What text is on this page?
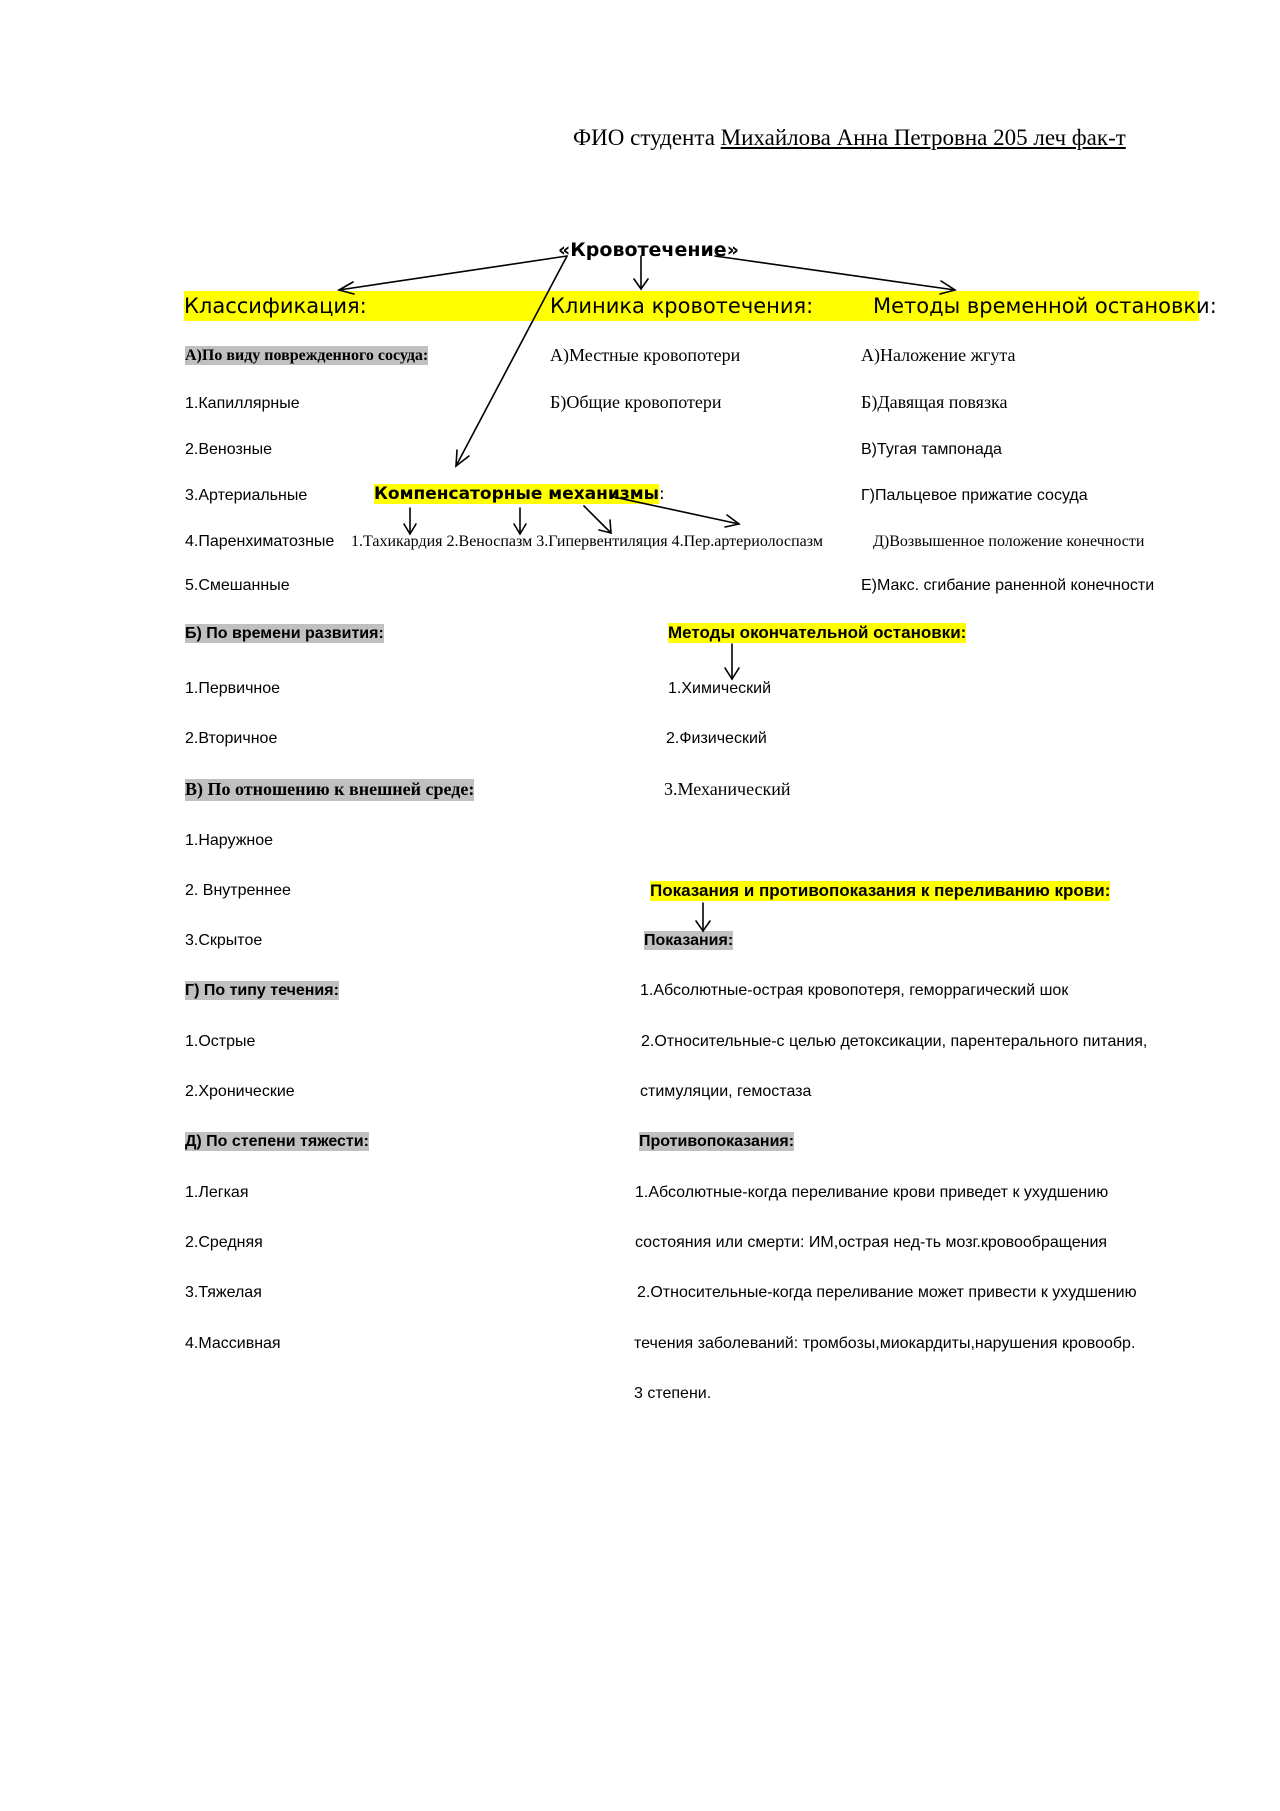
ФИО студента Михайлова Анна Петровна 205 леч фак-т
«Кровотечение»
Классификация:	Клиника кровотечения:	Методы временной остановки:
А)По виду поврежденного сосуда:
1.Капиллярные
2.Венозные
3.Артериальные
4.Паренхиматозные
5.Смешанные
Б) По времени развития:
1.Первичное
2.Вторичное
В) По отношению к внешней среде:
1.Наружное
2. Внутреннее
3.Скрытое
Г) По типу течения:
1.Острые
2.Хронические
Д) По степени тяжести:
1.Легкая
2.Средняя
3.Тяжелая
4.Массивная
А)Местные кровопотери
Б)Общие кровопотери
Компенсаторные механизмы:
1.Тахикардия 2.Веноспазм 3.Гипервентиляция 4.Пер.артериолоспазм
А)Наложение жгута
Б)Давящая повязка
В)Тугая тампонада
Г)Пальцевое прижатие сосуда
Д)Возвышенное положение конечности
Е)Макс. сгибание раненной конечности
Методы окончательной остановки:
1.Химический
2.Физический
3.Механический
Показания и противопоказания к переливанию крови:
Показания:
1.Абсолютные-острая кровопотеря, геморрагический шок
2.Относительные-с целью детоксикации, парентерального питания,
стимуляции, гемостаза
Противопоказания:
1.Абсолютные-когда переливание крови приведет к ухудшению
состояния или смерти: ИМ,острая нед-ть мозг.кровообращения
2.Относительные-когда переливание может привести к ухудшению
течения заболеваний: тромбозы,миокардиты,нарушения кровообр.
3 степени.
